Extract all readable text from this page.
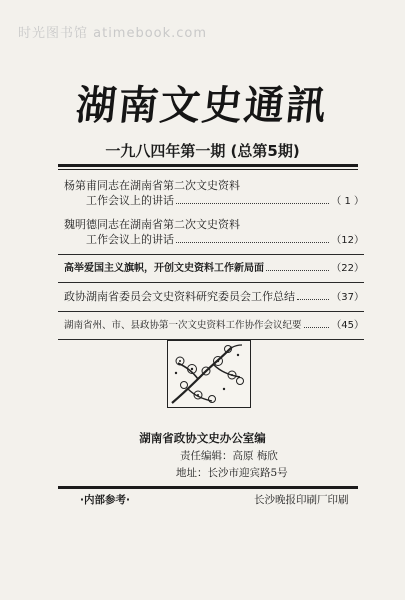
时光图书馆 atimebook.com
湖南文史通訊
一九八四年第一期 (总第5期)
杨第甫同志在湖南省第二次文史资料
工作会议上的讲话	（ 1 ）
魏明德同志在湖南省第二次文史资料
工作会议上的讲话	（12）
高举爱国主义旗帜，开创文史资料工作新局面	（22）
政协湖南省委员会文史资料研究委员会工作总结	（37）
湖南省州、市、县政协第一次文史资料工作协作会议纪要	（45）
湖南省政协文史办公室编
责任编辑：高原 梅欣
地址：长沙市迎宾路5号
·内部参考·	长沙晚报印刷厂印刷
